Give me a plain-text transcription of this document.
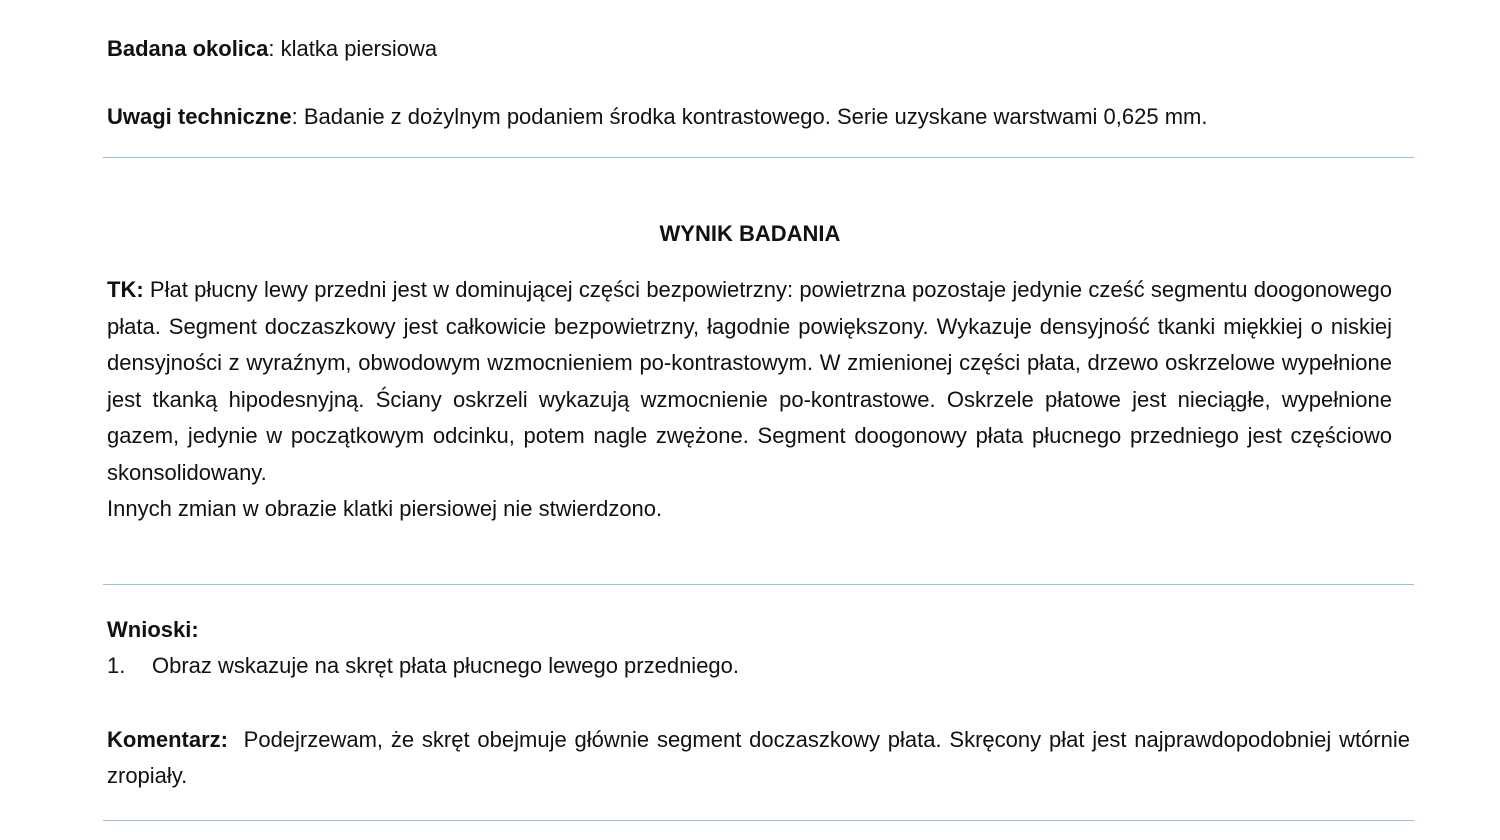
Badana okolica: klatka piersiowa
Uwagi techniczne: Badanie z dożylnym podaniem środka kontrastowego. Serie uzyskane warstwami 0,625 mm.
WYNIK BADANIA
TK: Płat płucny lewy przedni jest w dominującej części bezpowietrzny: powietrzna pozostaje jedynie cześć segmentu doogonowego płata. Segment doczaszkowy jest całkowicie bezpowietrzny, łagodnie powiększony. Wykazuje densyjność tkanki miękkiej o niskiej densyjności z wyraźnym, obwodowym wzmocnieniem po-kontrastowym. W zmienionej części płata, drzewo oskrzelowe wypełnione jest tkanką hipodesnyjną. Ściany oskrzeli wykazują wzmocnienie po-kontrastowe. Oskrzele płatowe jest nieciągłe, wypełnione gazem, jedynie w początkowym odcinku, potem nagle zwężone. Segment doogonowy płata płucnego przedniego jest częściowo skonsolidowany.
Innych zmian w obrazie klatki piersiowej nie stwierdzono.
Wnioski:
1. Obraz wskazuje na skręt płata płucnego lewego przedniego.
Komentarz:  Podejrzewam, że skręt obejmuje głównie segment doczaszkowy płata. Skręcony płat jest najprawdopodobniej wtórnie zropiały.
